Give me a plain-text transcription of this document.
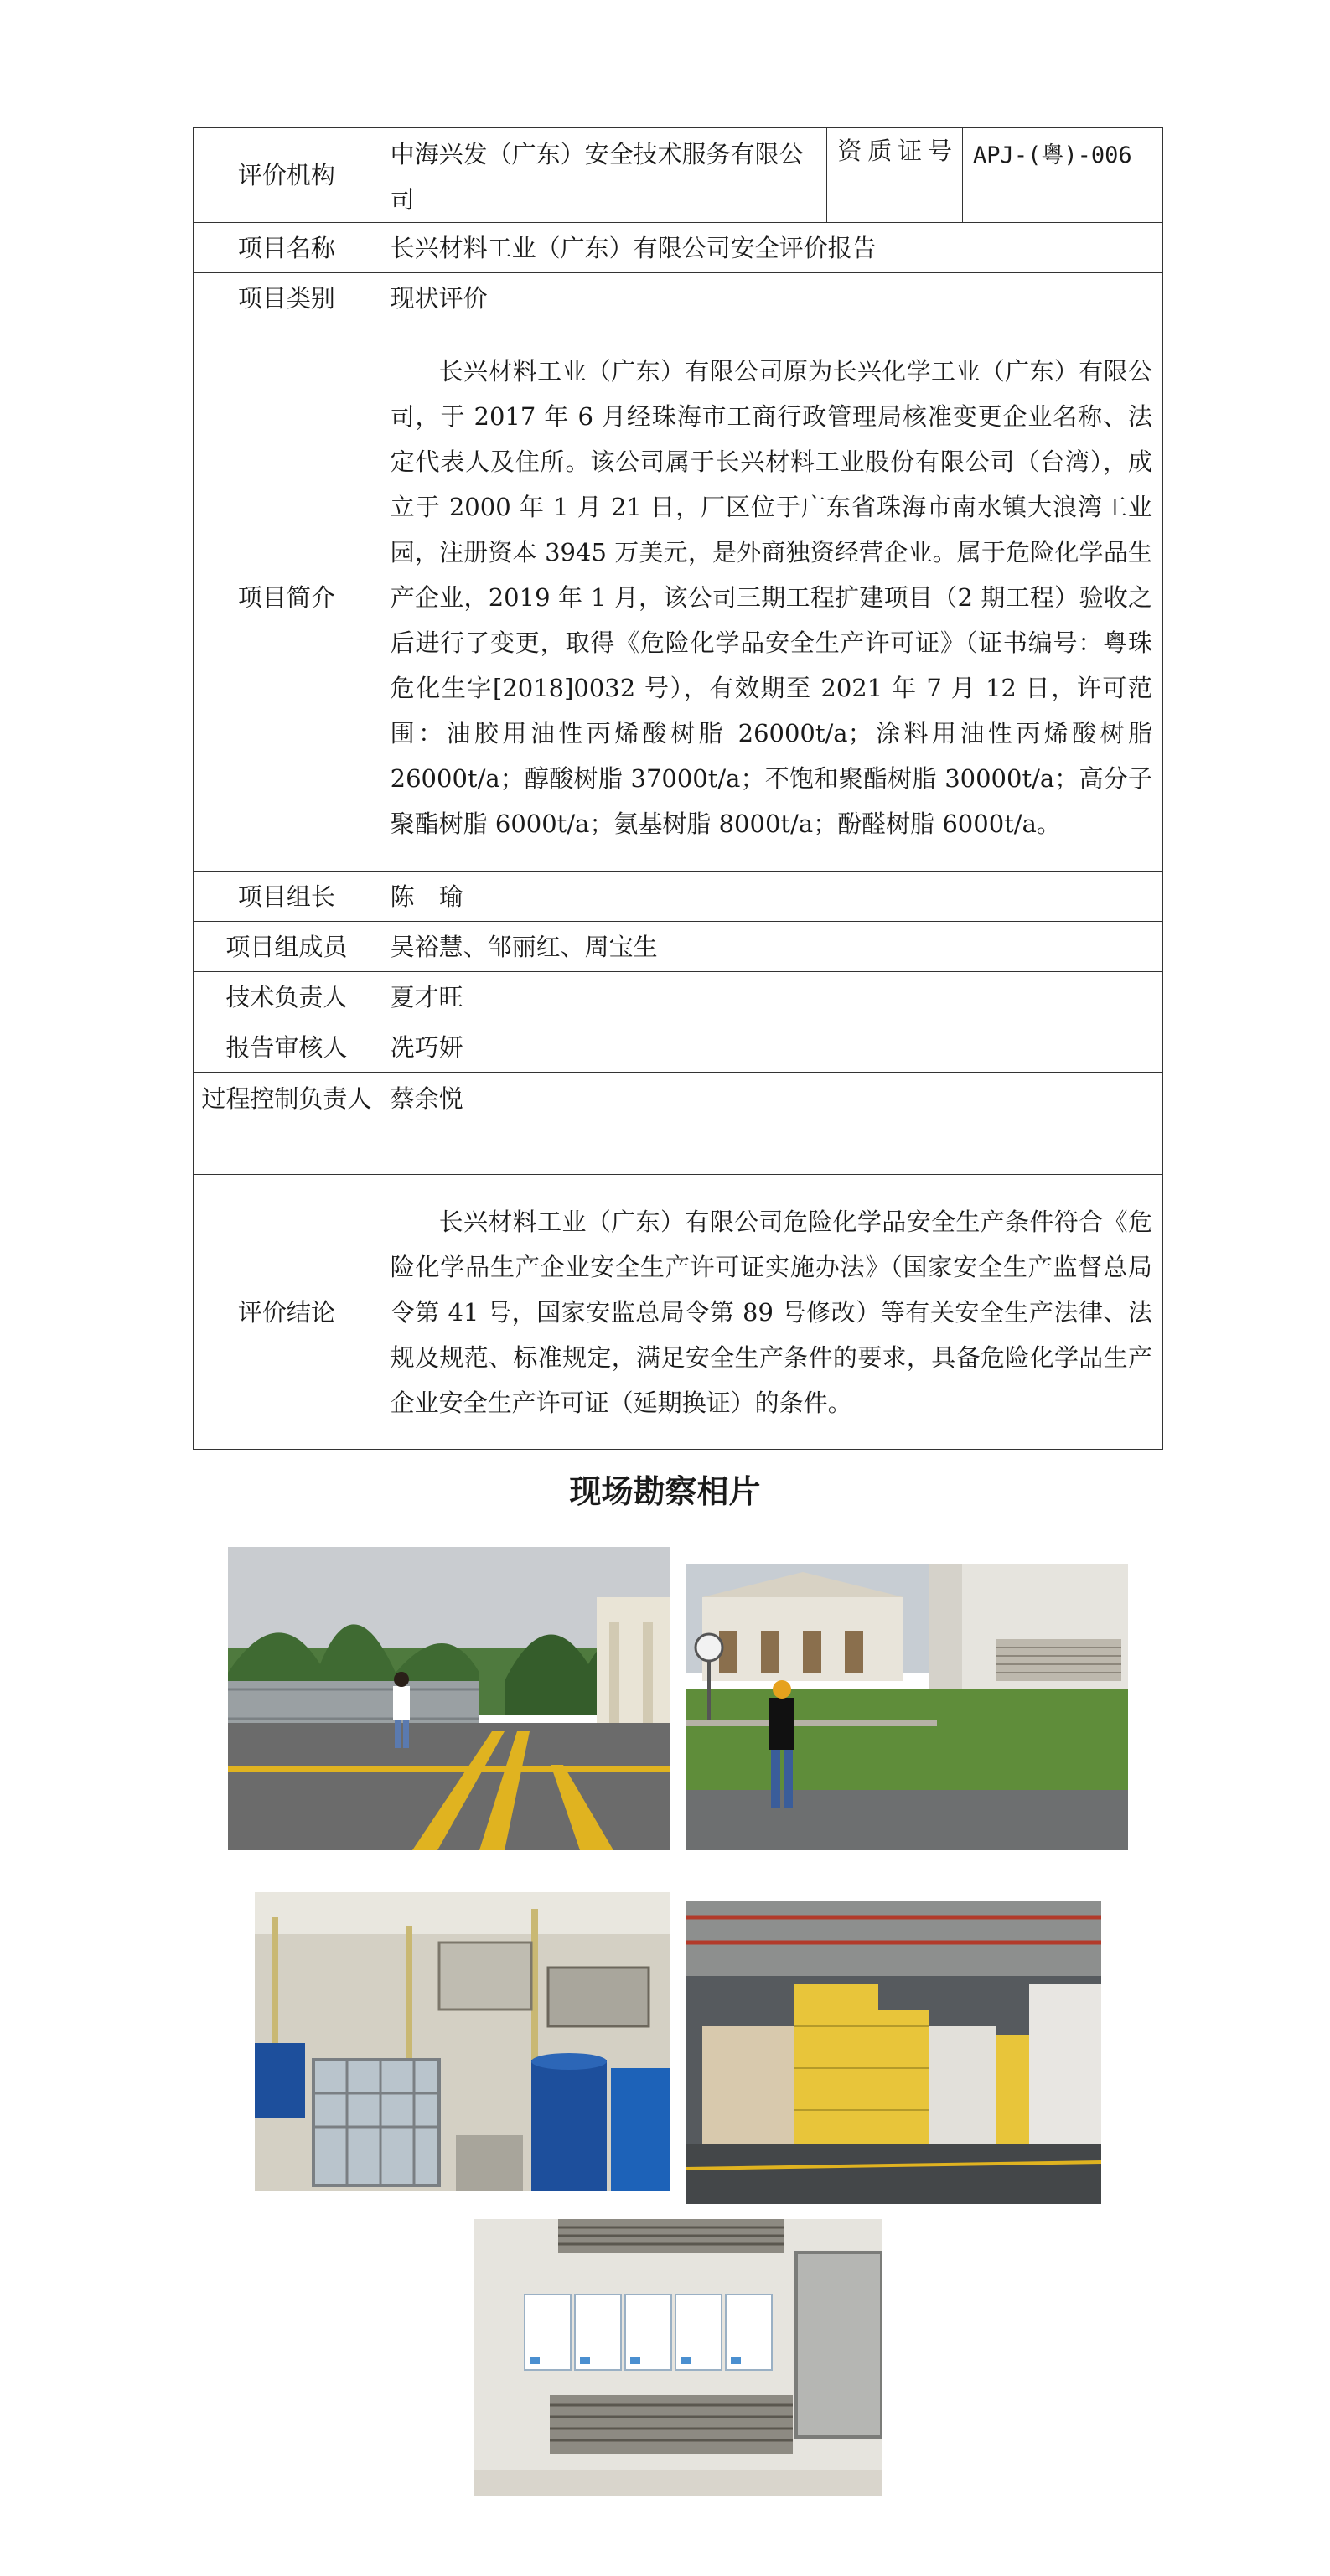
评价机构	中海兴发（广东）安全技术服务有限公司	资质证号	APJ-(粤)-006
项目名称	长兴材料工业（广东）有限公司安全评价报告		
项目类别	现状评价		
项目简介	长兴材料工业（广东）有限公司原为长兴化学工业（广东）有限公司，于 2017 年 6 月经珠海市工商行政管理局核准变更企业名称、法定代表人及住所。该公司属于长兴材料工业股份有限公司（台湾），成立于 2000 年 1 月 21 日，厂区位于广东省珠海市南水镇大浪湾工业园，注册资本 3945 万美元，是外商独资经营企业。属于危险化学品生产企业，2019 年 1 月，该公司三期工程扩建项目（2 期工程）验收之后进行了变更，取得《危险化学品安全生产许可证》（证书编号：粤珠危化生字[2018]0032 号），有效期至 2021 年 7 月 12 日，许可范围：油胶用油性丙烯酸树脂 26000t/a；涂料用油性丙烯酸树脂 26000t/a；醇酸树脂 37000t/a；不饱和聚酯树脂 30000t/a；高分子聚酯树脂 6000t/a；氨基树脂 8000t/a；酚醛树脂 6000t/a。		
项目组长	陈　瑜		
项目组成员	吴裕慧、邹丽红、周宝生		
技术负责人	夏才旺		
报告审核人	冼巧妍		
过程控制负责人	蔡余悦		
评价结论	长兴材料工业（广东）有限公司危险化学品安全生产条件符合《危险化学品生产企业安全生产许可证实施办法》（国家安全生产监督总局令第 41 号，国家安监总局令第 89 号修改）等有关安全生产法律、法规及规范、标准规定，满足安全生产条件的要求，具备危险化学品生产企业安全生产许可证（延期换证）的条件。		
现场勘察相片
